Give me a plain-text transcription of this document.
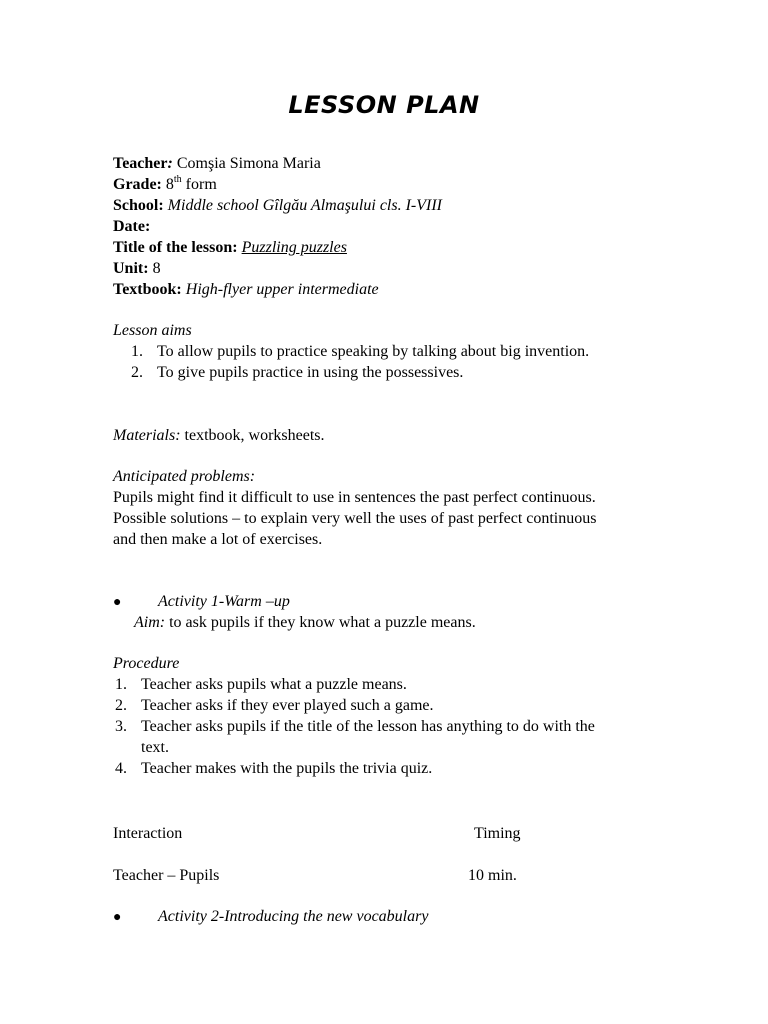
LESSON PLAN
Teacher: Comşia Simona Maria
Grade: 8th form
School: Middle school Gîlgău Almaşului cls. I-VIII
Date:
Title of the lesson: Puzzling puzzles
Unit: 8
Textbook: High-flyer upper intermediate
Lesson aims
1. To allow pupils to practice speaking by talking about big invention.
2. To give pupils practice in using the possessives.
Materials: textbook, worksheets.
Anticipated problems:
Pupils might find it difficult to use in sentences the past perfect continuous.
Possible solutions – to explain very well the uses of past perfect continuous
and then make a lot of exercises.
● Activity 1-Warm –up
Aim: to ask pupils if they know what a puzzle means.
Procedure
1. Teacher asks pupils what a puzzle means.
2. Teacher asks if they ever played such a game.
3. Teacher asks pupils if the title of the lesson has anything to do with the
text.
4. Teacher makes with the pupils the trivia quiz.
Interaction	Timing
Teacher – Pupils	10 min.
● Activity 2-Introducing the new vocabulary
